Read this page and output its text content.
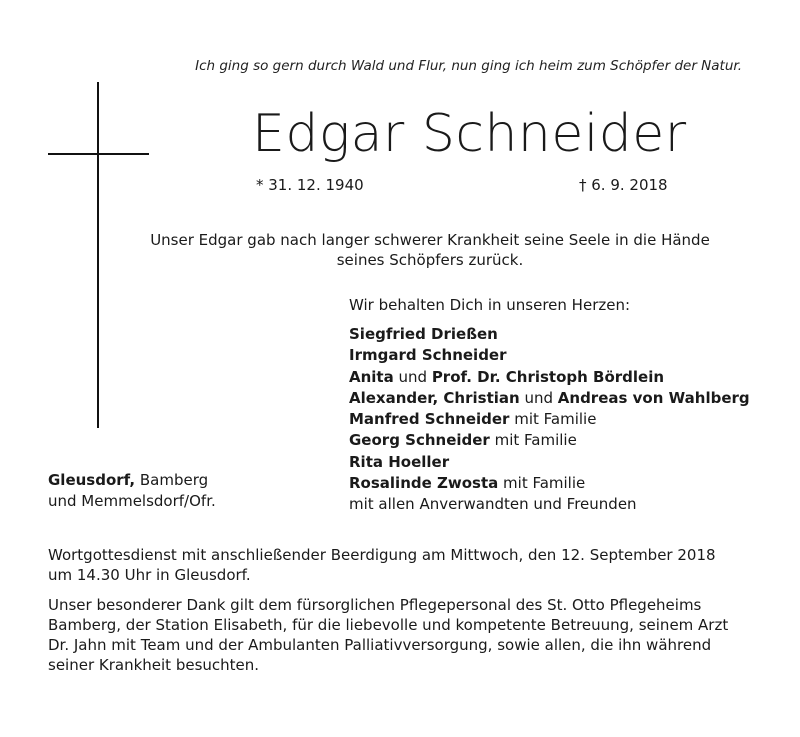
Ich ging so gern durch Wald und Flur, nun ging ich heim zum Schöpfer der Natur.
Edgar Schneider
* 31. 12. 1940	† 6. 9. 2018
Unser Edgar gab nach langer schwerer Krankheit seine Seele in die Hände
seines Schöpfers zurück.
Wir behalten Dich in unseren Herzen:
Siegfried Drießen
Irmgard Schneider
Anita und Prof. Dr. Christoph Bördlein
Alexander, Christian und Andreas von Wahlberg
Manfred Schneider mit Familie
Georg Schneider mit Familie
Rita Hoeller
Rosalinde Zwosta mit Familie
mit allen Anverwandten und Freunden
Gleusdorf, Bamberg
und Memmelsdorf/Ofr.
Wortgottesdienst mit anschließender Beerdigung am Mittwoch, den 12. September 2018
um 14.30 Uhr in Gleusdorf.
Unser besonderer Dank gilt dem fürsorglichen Pflegepersonal des St. Otto Pflegeheims
Bamberg, der Station Elisabeth, für die liebevolle und kompetente Betreuung, seinem Arzt
Dr. Jahn mit Team und der Ambulanten Palliativversorgung, sowie allen, die ihn während
seiner Krankheit besuchten.
